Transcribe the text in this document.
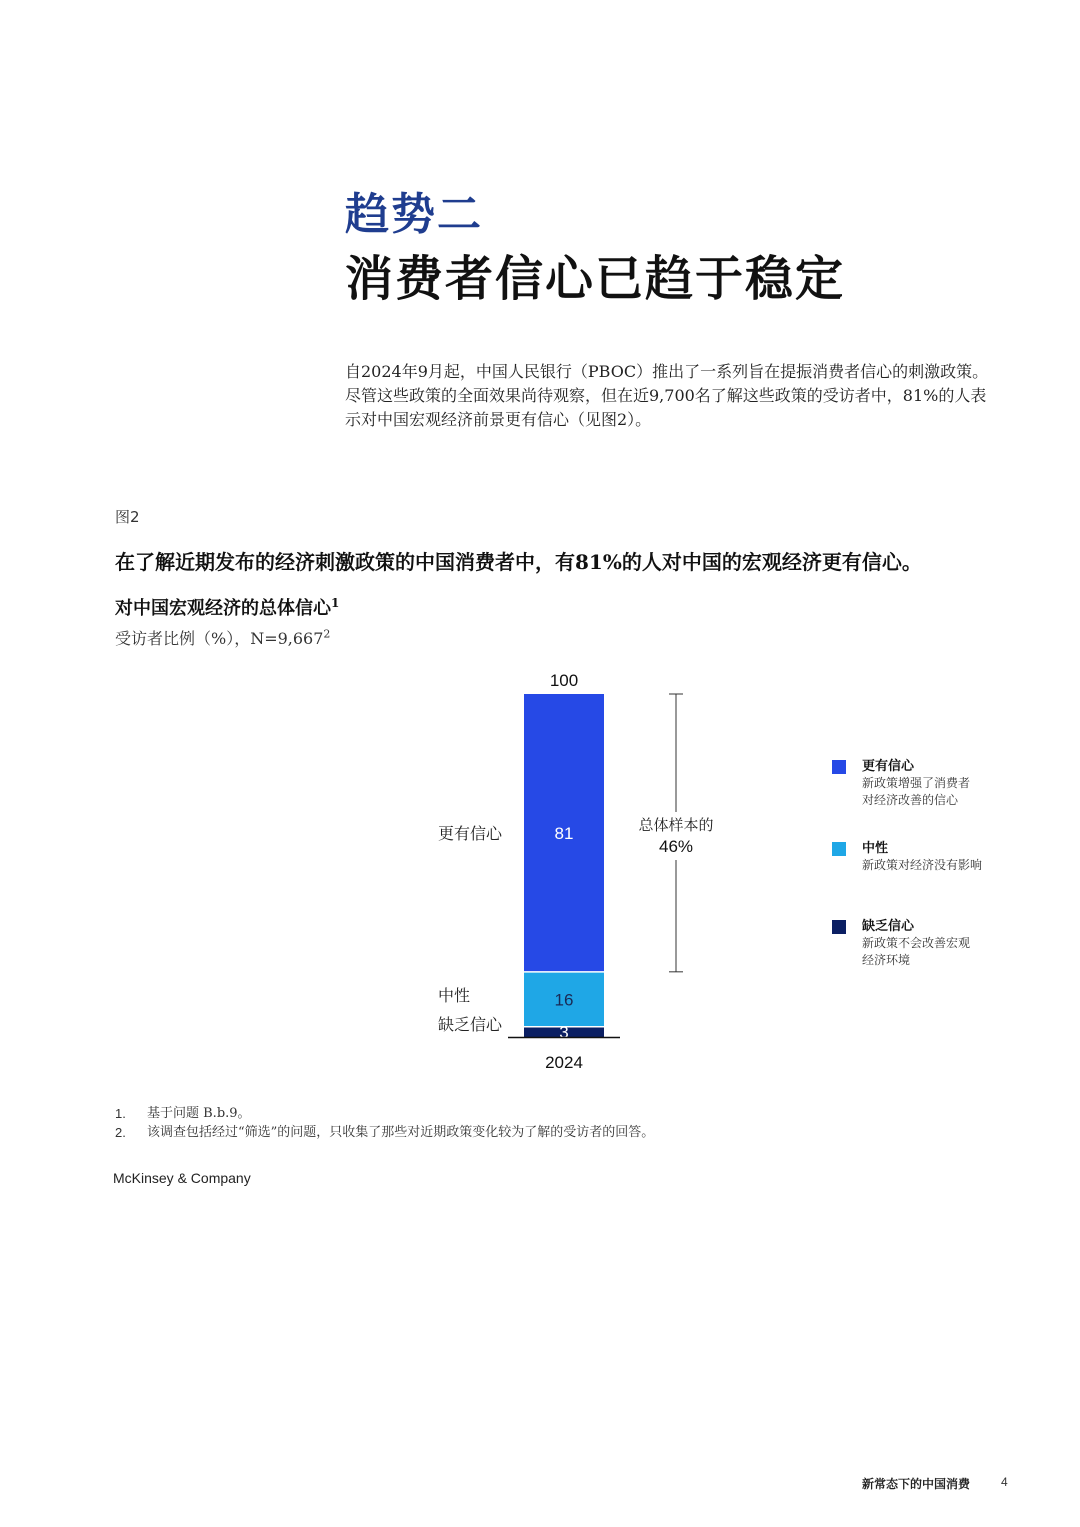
趋势二
消费者信心已趋于稳定

自2024年9月起，中国人民银行（PBOC）推出了一系列旨在提振消费者信心的刺激政策。

尽管这些政策的全面效果尚待观察，但在近9,700名了解这些政策的受访者中，81%的人表

示对中国宏观经济前景更有信心（见图2）。

图2
在了解近期发布的经济刺激政策的中国消费者中，有81%的人对中国的宏观经济更有信心。
对中国宏观经济的总体信心$^1$
受访者比例（%），$N=9,667^2$
3
16
81
缺乏信心
中性
更有信心
100
2024
总体样本的
46%
更有信心
新政策增强了消费者
对经济改善的信心
中性
新政策对经济没有影响
缺乏信心
新政策不会改善宏观
经济环境
1. 基于问题 B.b.9。
2. 该调查包括经过“筛选”的问题，只收集了那些对近期政策变化较为了解的受访者的回答。
McKinsey & Company
新常态下的中国消费	4
